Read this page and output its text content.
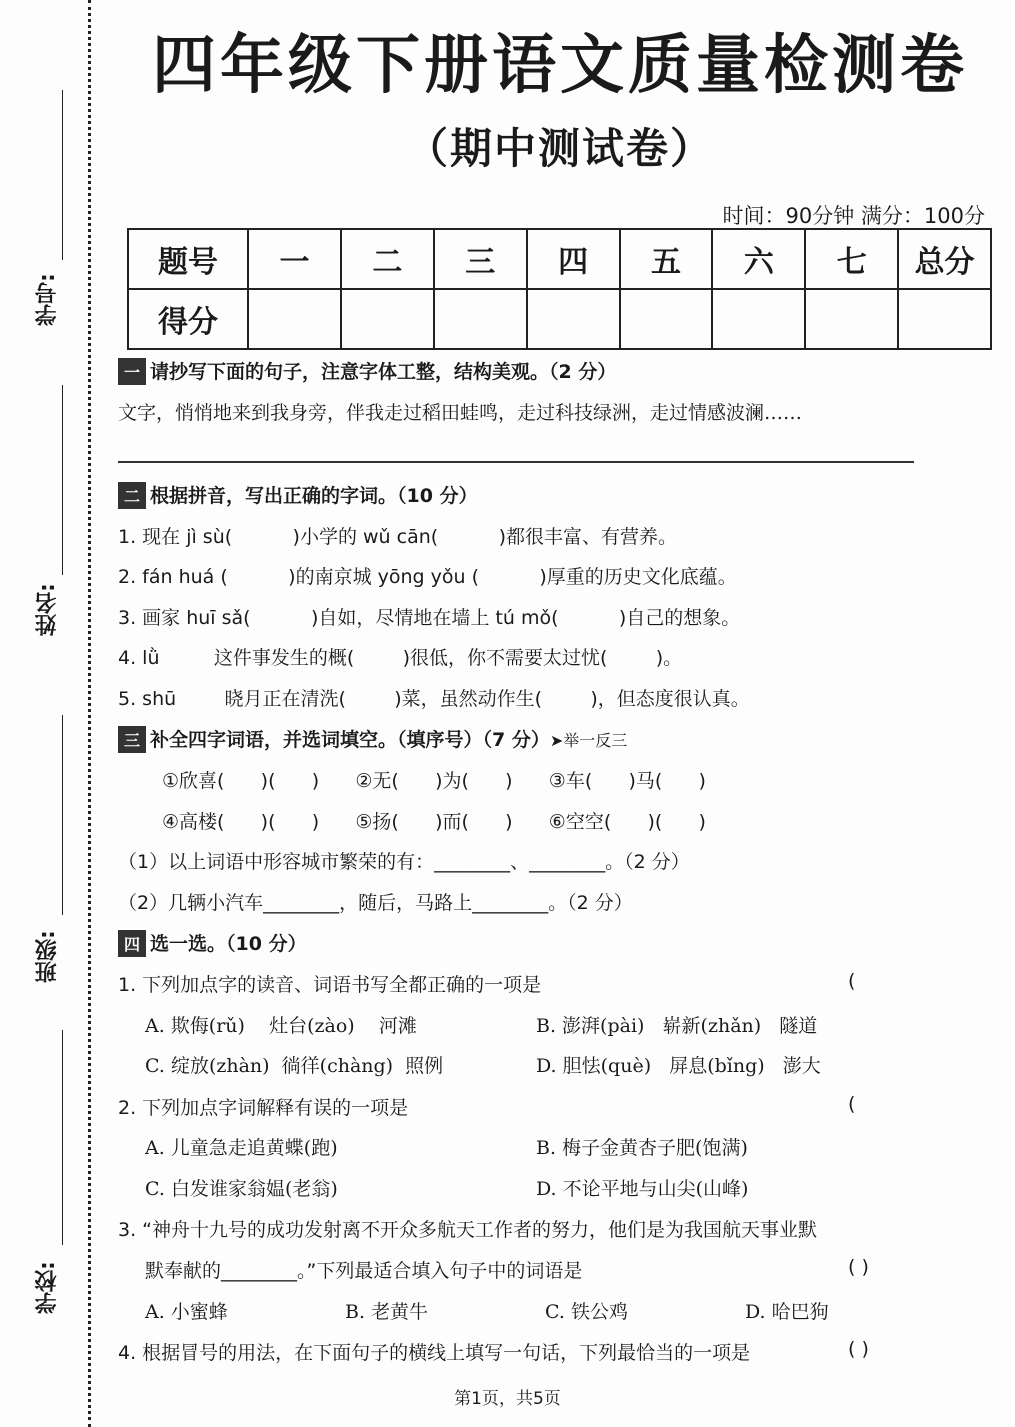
学号:
姓名:
班级:
学校:
四年级下册语文质量检测卷
（期中测试卷）
时间：90分钟 满分：100分
题号	一	二	三	四	五	六	七	总分
得分								
一 请抄写下面的句子，注意字体工整，结构美观。（2 分）
文字，悄悄地来到我身旁，伴我走过稻田蛙鸣，走过科技绿洲，走过情感波澜……
二 根据拼音，写出正确的字词。（10 分）
1. 现在 jì sù(          )小学的 wǔ cān(          )都很丰富、有营养。
2. fán huá (          )的南京城 yōng yǒu (          )厚重的历史文化底蕴。
3. 画家 huī sǎ(          )自如，尽情地在墙上 tú mǒ(          )自己的想象。
4. lǜ         这件事发生的概(        )很低，你不需要太过忧(        )。
5. shū        晓月正在清洗(        )菜，虽然动作生(        )，但态度很认真。
三 补全四字词语，并选词填空。（填序号）（7 分）➤举一反三
①欣喜(      )(      )      ②无(      )为(      )      ③车(      )马(      )
④高楼(      )(      )      ⑤扬(      )而(      )      ⑥空空(      )(      )
（1）以上词语中形容城市繁荣的有：________、________。（2 分）
（2）几辆小汽车________，随后，马路上________。（2 分）
四 选一选。（10 分）
1. 下列加点字的读音、词语书写全都正确的一项是	(
A. 欺侮(rǔ)    灶台(zào)    河滩	B. 澎湃(pài)   崭新(zhǎn)   隧道
C. 绽放(zhàn)  徜徉(chàng)  照例	D. 胆怯(què)   屏息(bǐng)   澎大
2. 下列加点字词解释有误的一项是	(
A. 儿童急走追黄蝶(跑)	B. 梅子金黄杏子肥(饱满)
C. 白发谁家翁媪(老翁)	D. 不论平地与山尖(山峰)
3. “神舟十九号的成功发射离不开众多航天工作者的努力，他们是为我国航天事业默
默奉献的________。”下列最适合填入句子中的词语是	( )
A. 小蜜蜂	B. 老黄牛	C. 铁公鸡	D. 哈巴狗
4. 根据冒号的用法，在下面句子的横线上填写一句话，下列最恰当的一项是	( )
第1页，共5页
